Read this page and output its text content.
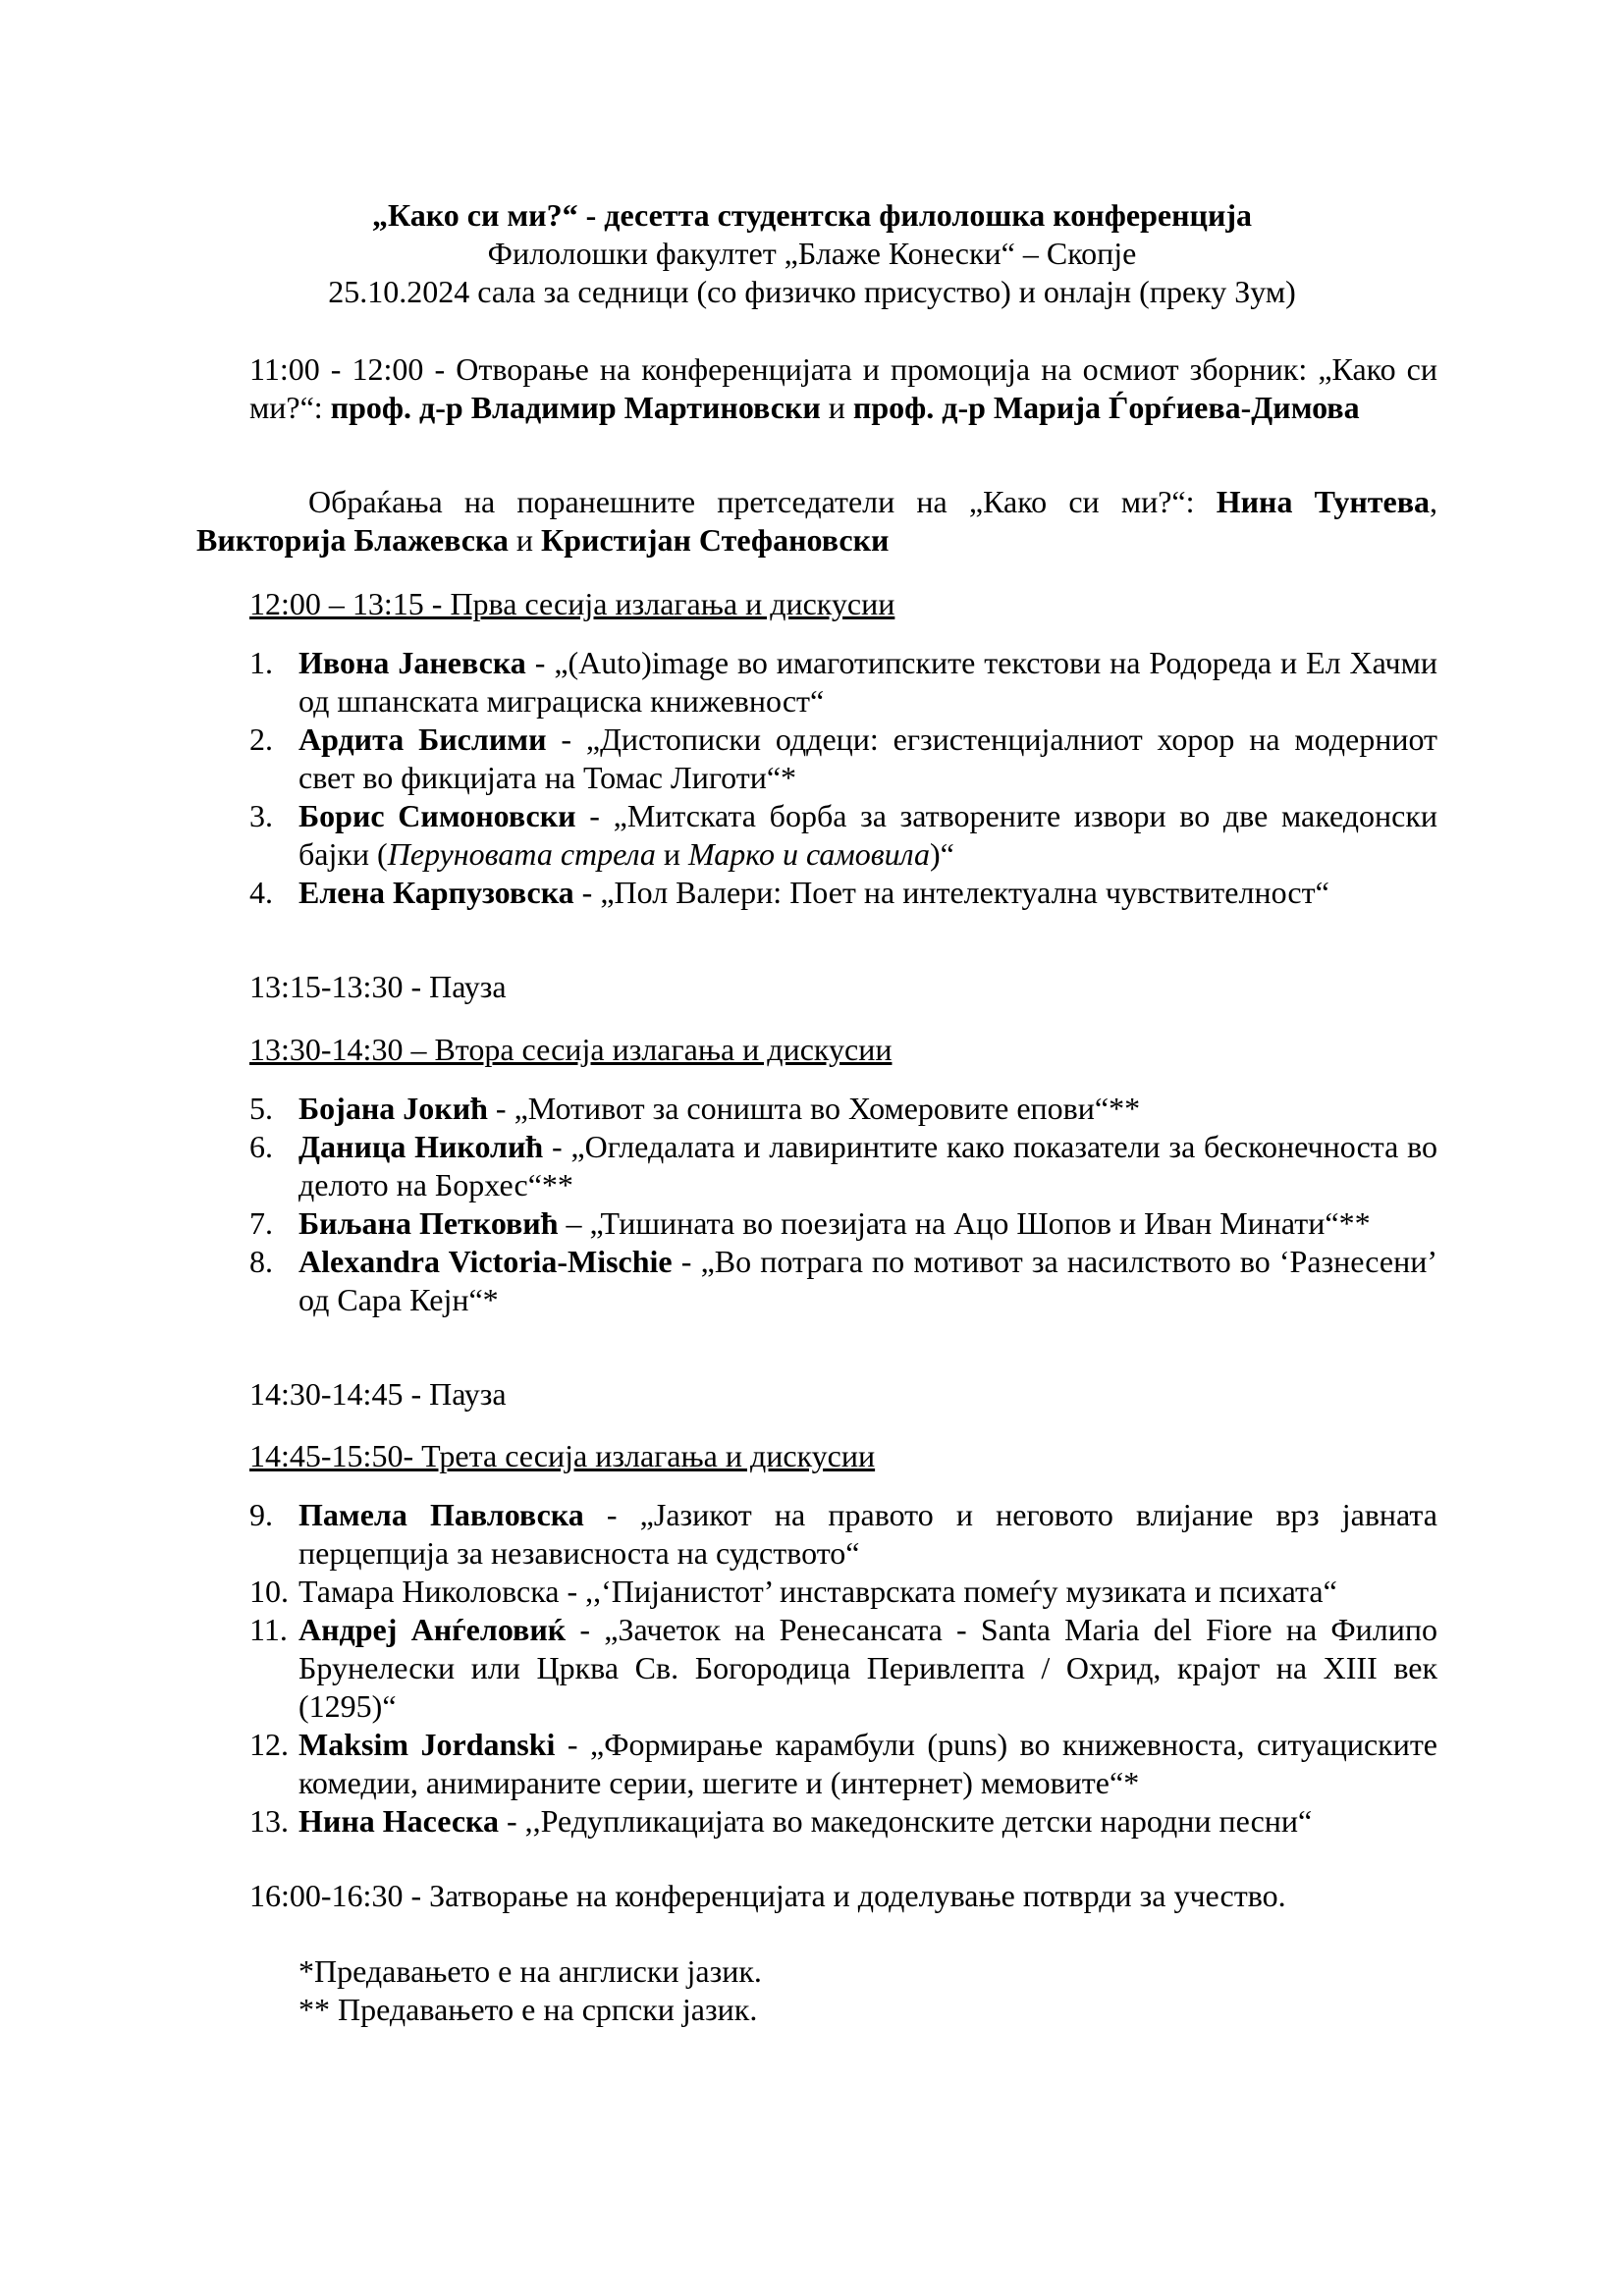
„Како си ми?“ - десетта студентска филолошка конференција
Филолошки факултет „Блаже Конески“ – Скопје
25.10.2024 сала за седници (со физичко присуство) и онлајн (преку Зум)
11:00 - 12:00 - Отворање на конференцијата и промоција на осмиот зборник: „Како си ми?“: проф. д-р Владимир Мартиновски и проф. д-р Марија Ѓорѓиева-Димова
Обраќања на поранешните претседатели на „Како си ми?“: Нина Тунтева, Викторија Блажевска и Кристијан Стефановски
12:00 – 13:15 - Прва сесија излагања и дискусии
1. Ивона Јаневска - „(Auto)image во имаготипските текстови на Родореда и Ел Хачми од шпанската миграциска книжевност“
2. Ардита Бислими - „Дистописки оддеци: егзистенцијалниот хорор на модерниот свет во фикцијата на Томас Лиготи“*
3. Борис Симоновски - „Митската борба за затворените извори во две македонски бајки (Перуновата стрела и Марко и самовила)“
4. Елена Карпузовска - „Пол Валери: Поет на интелектуална чувствителност“
13:15-13:30 - Пауза
13:30-14:30 – Втора сесија излагања и дискусии
5. Бојана Јокић - „Мотивот за соништа во Хомеровите епови“**
6. Даница Николић - „Огледалата и лавиринтите како показатели за бесконечноста во делото на Борхес“**
7. Биљана Петковић – „Тишината во поезијата на Ацо Шопов и Иван Минати“**
8. Alexandra Victoria-Mischie - „Во потрага по мотивот за насилството во ‘Разнесени’ од Сара Кејн“*
14:30-14:45 - Пауза
14:45-15:50- Трета сесија излагања и дискусии
9. Памела Павловска - „Јазикот на правото и неговото влијание врз јавната перцепција за независноста на судството“
10. Тамара Николовска - ,,‘Пијанистот’ инставрската помеѓу музиката и психата“
11. Андреј Анѓеловиќ - „Зачеток на Ренесансата - Santa Maria del Fiore на Филипо Брунелески или Црква Св. Богородица Перивлепта / Охрид, крајот на XIII век (1295)“
12. Maksim Jordanski - „Формирање карамбули (puns) во книжевноста, ситуациските комедии, анимираните серии, шегите и (интернет) мемовите“*
13. Нина Насеска - ,,Редупликацијата во македонските детски народни песни“
16:00-16:30 - Затворање на конференцијата и доделување потврди за учество.
*Предавањето е на англиски јазик.
** Предавањето е на српски јазик.
